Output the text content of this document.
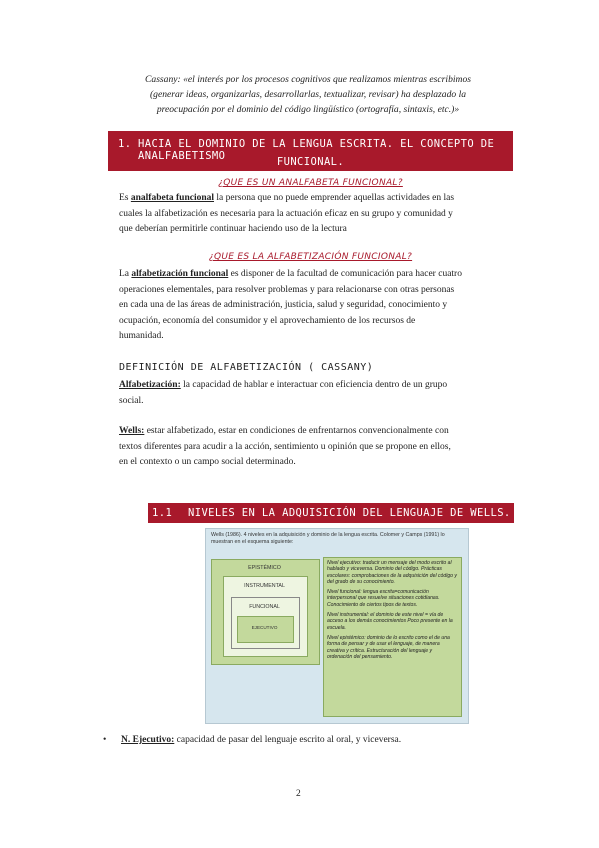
Cassany: «el interés por los procesos cognitivos que realizamos mientras escribimos
(generar ideas, organizarlas, desarrollarlas, textualizar, revisar) ha desplazado la
preocupación por el dominio del código lingüístico (ortografía, sintaxis, etc.)»
1. HACIA EL DOMINIO DE LA LENGUA ESCRITA. EL CONCEPTO DE ANALFABETISMO	FUNCIONAL.
¿QUE ES UN ANALFABETA FUNCIONAL?
Es analfabeta funcional la persona que no puede emprender aquellas actividades en las
cuales la alfabetización es necesaria para la actuación eficaz en su grupo y comunidad y
que deberían permitirle continuar haciendo uso de la lectura
¿QUE ES LA ALFABETIZACIÓN FUNCIONAL?
La alfabetización funcional es disponer de la facultad de comunicación para hacer cuatro
operaciones elementales, para resolver problemas y para relacionarse con otras personas
en cada una de las áreas de administración, justicia, salud y seguridad, conocimiento y
ocupación, economía del consumidor y el aprovechamiento de los recursos de
humanidad.
DEFINICIÓN DE ALFABETIZACIÓN ( CASSANY)
Alfabetización: la capacidad de hablar e interactuar con eficiencia dentro de un grupo
social.
Wells: estar alfabetizado, estar en condiciones de enfrentarnos convencionalmente con
textos diferentes para acudir a la acción, sentimiento u opinión que se propone en ellos,
en el contexto o un campo social determinado.
1.1 NIVELES EN LA ADQUISICIÓN DEL LENGUAJE DE WELLS.
Wells (1986). 4 niveles en la adquisición y dominio de la lengua escrita. Colomer y Camps (1991) lo muestran en el esquema siguiente:
EPISTÉMICO
INSTRUMENTAL
FUNCIONAL
EJECUTIVO

Nivel ejecutivo: traducir un mensaje del modo escrito al hablado y viceversa. Dominio del código. Prácticas escolares: comprobaciones de la adquisición del código y del grado de su conocimiento.

Nivel funcional: lengua escrita=comunicación interpersonal que resuelve situaciones cotidianas. Conocimiento de ciertos tipos de textos.

Nivel instrumental: el dominio de este nivel = vía de acceso a los demás conocimientos Poco presente en la escuela.

Nivel epistémico: dominio de lo escrito como el de una forma de pensar y de usar el lenguaje, de manera creativa y crítica. Estructuración del lenguaje y ordenación del pensamiento.

• N. Ejecutivo: capacidad de pasar del lenguaje escrito al oral, y viceversa.
2
